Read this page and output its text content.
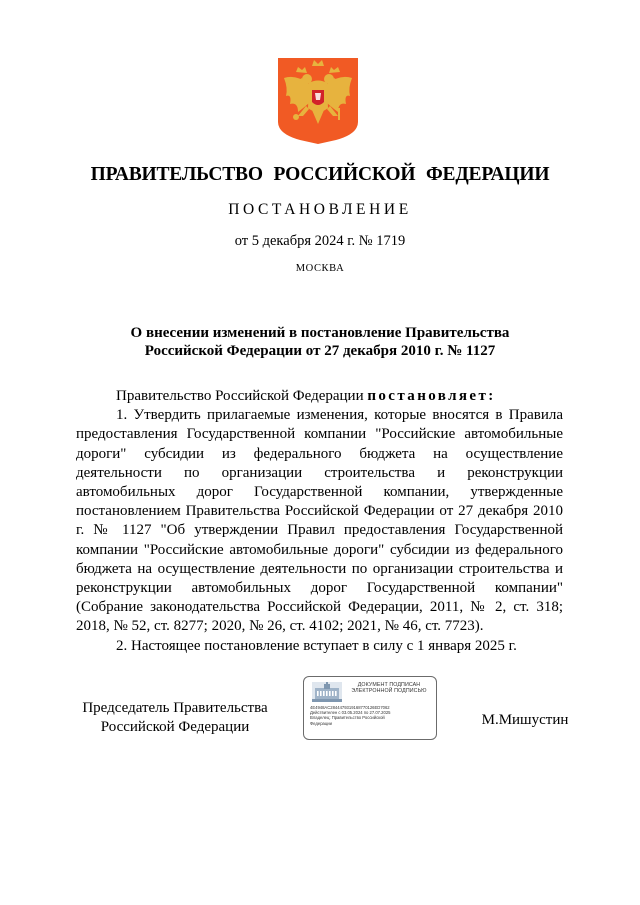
ПРАВИТЕЛЬСТВО РОССИЙСКОЙ ФЕДЕРАЦИИ
ПОСТАНОВЛЕНИЕ
от 5 декабря 2024 г. № 1719
МОСКВА
О внесении изменений в постановление Правительства
Российской Федерации от 27 декабря 2010 г. № 1127

Правительство Российской Федерации постановляет:

1. Утвердить прилагаемые изменения, которые вносятся в Правила предоставления Государственной компании "Российские автомобильные дороги" субсидии из федерального бюджета на осуществление деятельности по организации строительства и реконструкции автомобильных дорог Государственной компании, утвержденные постановлением Правительства Российской Федерации от 27 декабря 2010 г. № 1127 "Об утверждении Правил предоставления Государственной компании "Российские автомобильные дороги" субсидии из федерального бюджета на осуществление деятельности по организации строительства и реконструкции автомобильных дорог Государственной компании" (Собрание законодательства Российской Федерации, 2011, № 2, ст. 318; 2018, № 52, ст. 8277; 2020, № 26, ст. 4102; 2021, № 46, ст. 7723).

2. Настоящее постановление вступает в силу с 1 января 2025 г.

Председатель Правительства
Российской Федерации
ДОКУМЕНТ ПОДПИСАН
ЭЛЕКТРОННОЙ ПОДПИСЬЮ
4E4948AC2844479319168770126ED7062
Действителен с 03.05.2024 по 27.07.2025
Владелец: Правительство Российской
Федерации	М.Мишустин
